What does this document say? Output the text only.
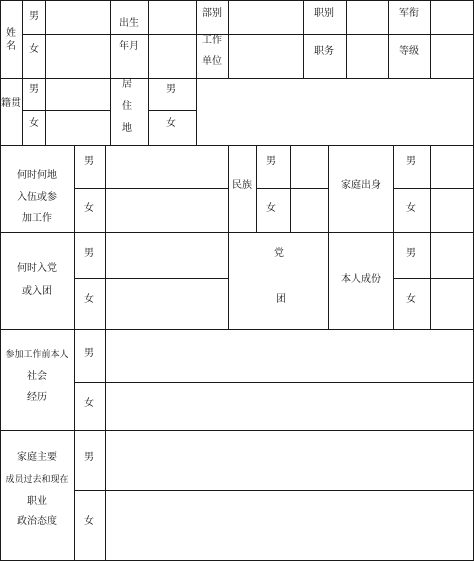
姓
名
男
女
出生
年月
部别
工作
单位
职别
职务
军衔
等级
籍贯
男
女
居
住
地
男
女
何时何地
入伍或参
加工作
男
女
民族
男
女
家庭出身
男
女
何时入党
或入团
男
女
党
团
本人成份
男
女
参加工作前本人
社会
经历
男
女
家庭主要
成员过去和现在
职业
政治态度
男
女
